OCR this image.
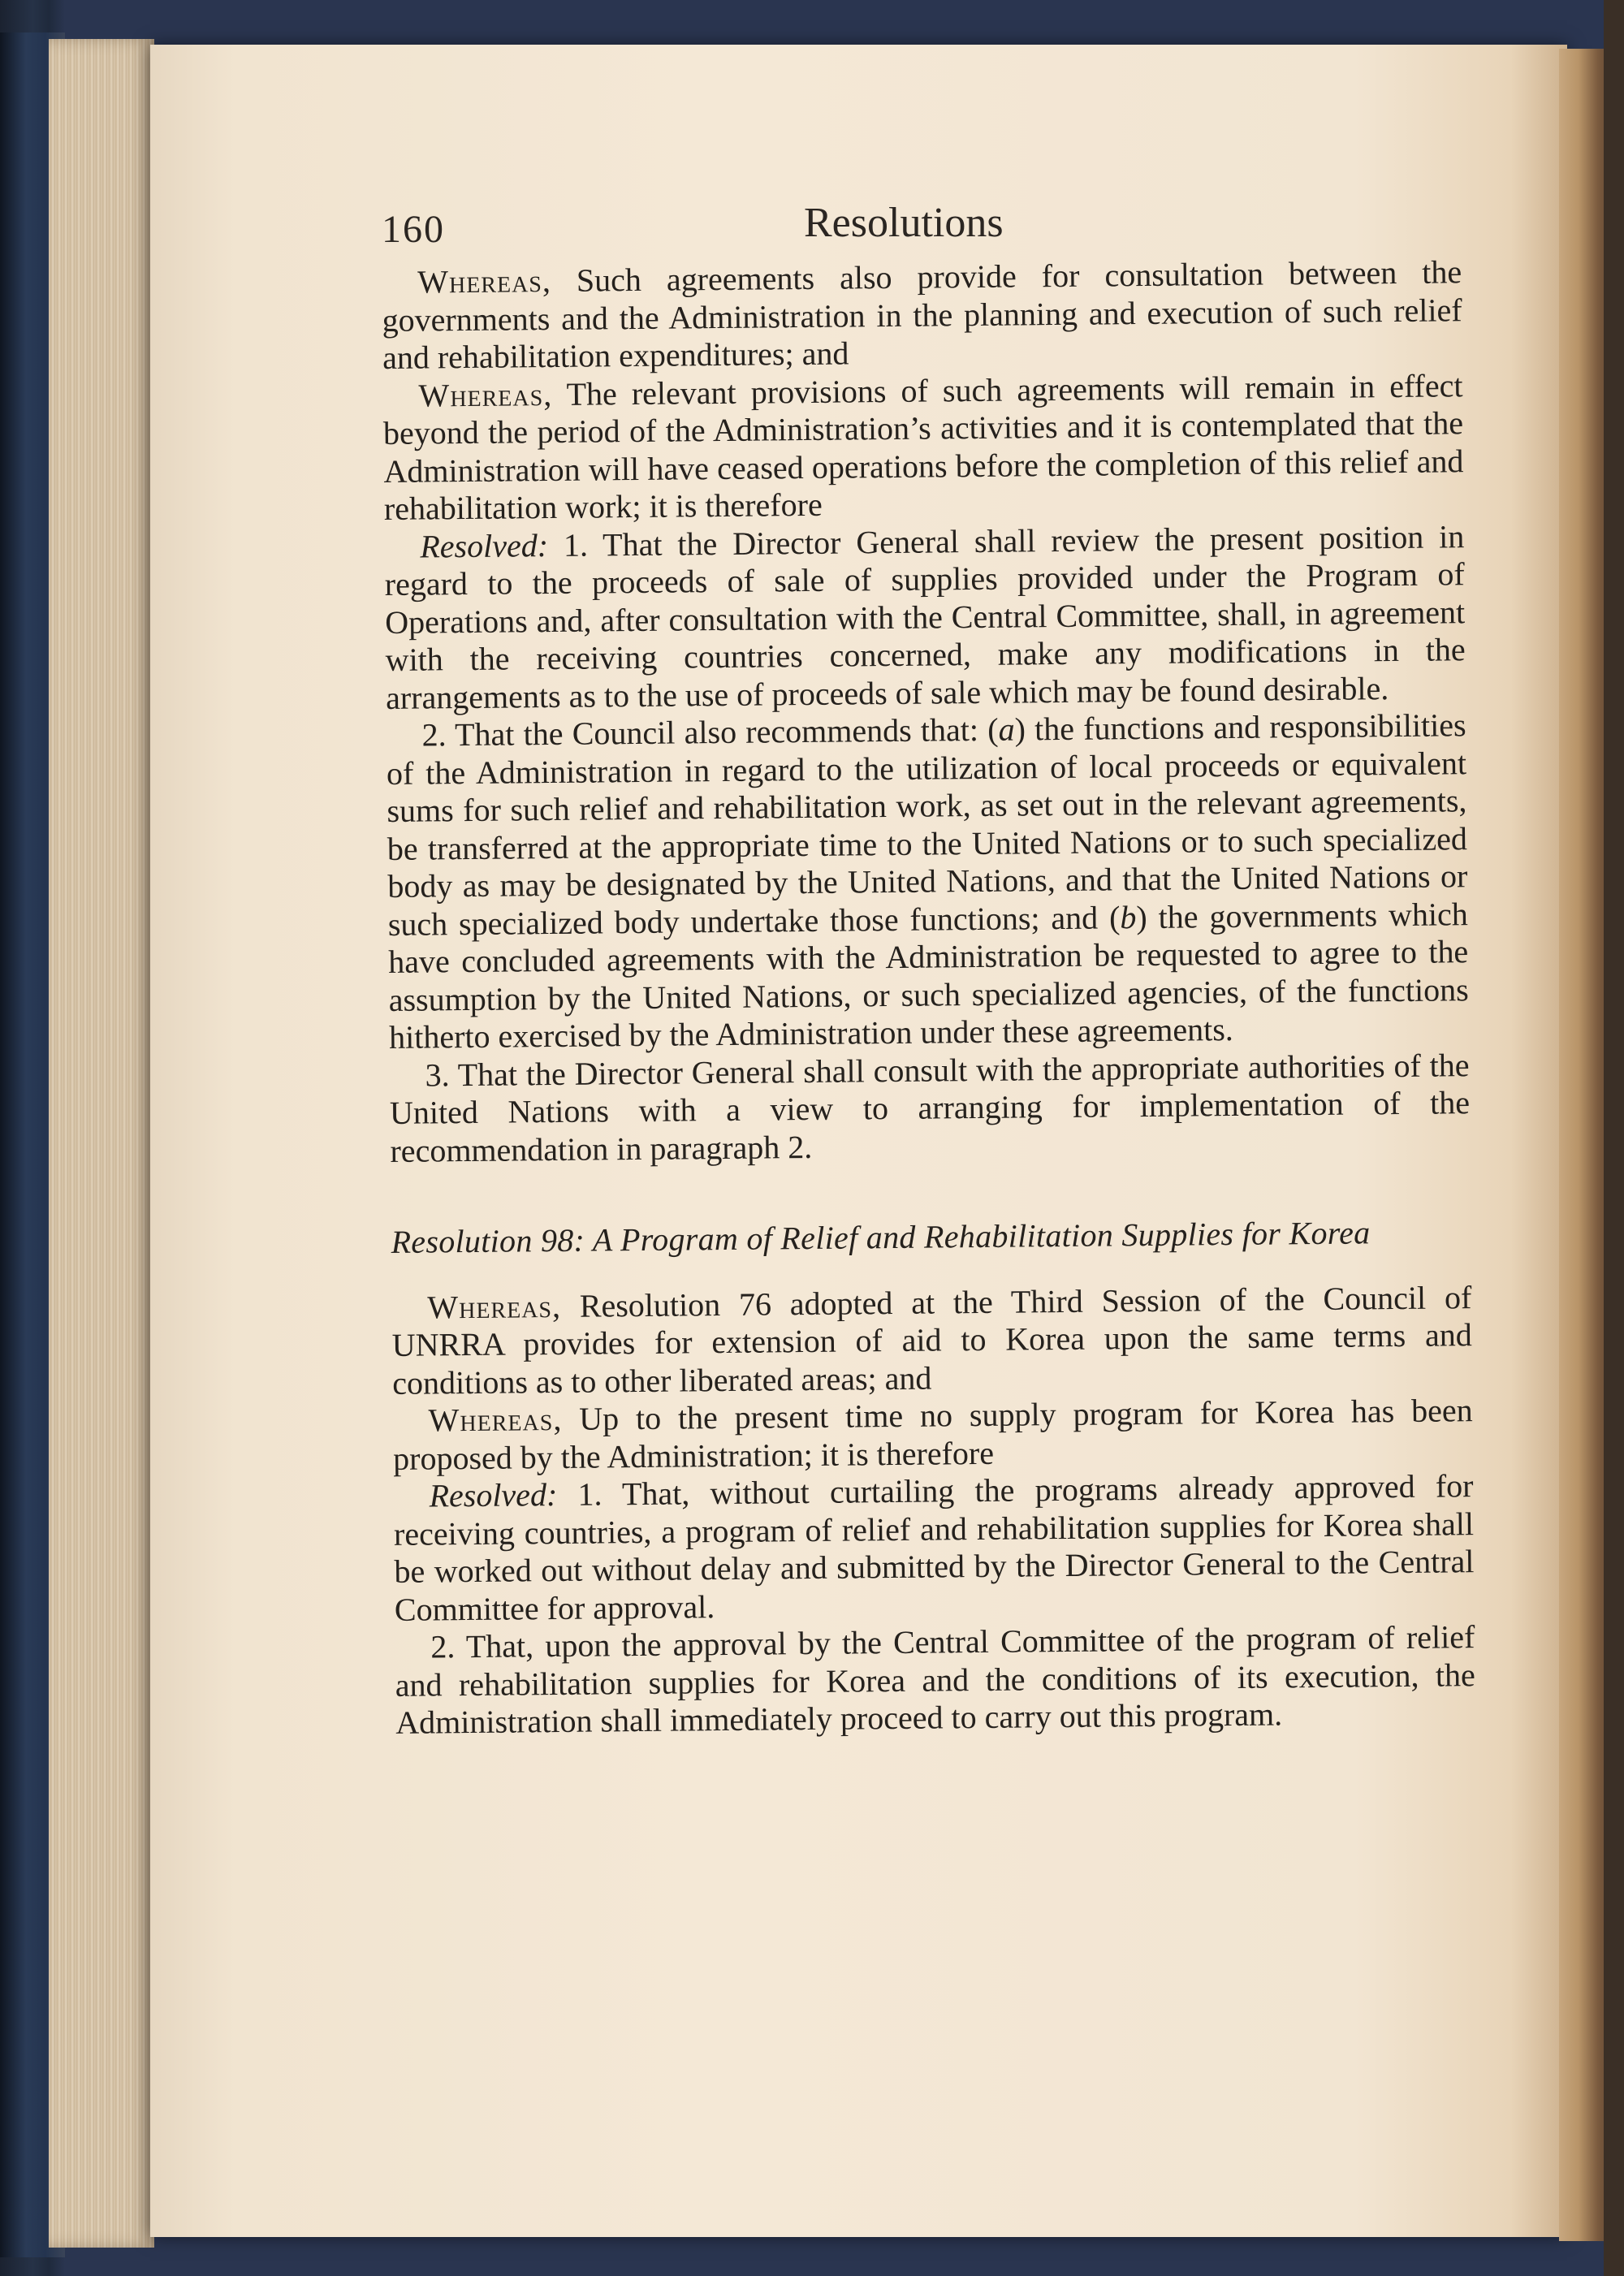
160	Resolutions

Whereas, Such agreements also provide for consultation between the governments and the Administration in the planning and execution of such relief and rehabilitation expenditures; and

Whereas, The relevant provisions of such agreements will remain in effect beyond the period of the Administration’s activities and it is contemplated that the Administration will have ceased operations before the completion of this relief and rehabilitation work; it is therefore

Resolved: 1. That the Director General shall review the present position in regard to the proceeds of sale of supplies provided under the Program of Operations and, after consultation with the Central Committee, shall, in agreement with the receiving countries concerned, make any modifications in the arrangements as to the use of proceeds of sale which may be found desirable.

2. That the Council also recommends that: (a) the functions and responsibilities of the Administration in regard to the utilization of local proceeds or equivalent sums for such relief and rehabilitation work, as set out in the relevant agreements, be transferred at the appropriate time to the United Nations or to such specialized body as may be designated by the United Nations, and that the United Nations or such specialized body undertake those functions; and (b) the governments which have concluded agreements with the Administration be requested to agree to the assumption by the United Nations, or such specialized agencies, of the functions hitherto exercised by the Administration under these agreements.

3. That the Director General shall consult with the appropriate authorities of the United Nations with a view to arranging for implementation of the recommendation in paragraph 2.

Resolution 98: A Program of Relief and Rehabilitation Supplies for Korea

Whereas, Resolution 76 adopted at the Third Session of the Council of UNRRA provides for extension of aid to Korea upon the same terms and conditions as to other liberated areas; and

Whereas, Up to the present time no supply program for Korea has been proposed by the Administration; it is therefore

Resolved: 1. That, without curtailing the programs already approved for receiving countries, a program of relief and rehabilitation supplies for Korea shall be worked out without delay and submitted by the Director General to the Central Committee for approval.

2. That, upon the approval by the Central Committee of the program of relief and rehabilitation supplies for Korea and the conditions of its execution, the Administration shall immediately proceed to carry out this program.
